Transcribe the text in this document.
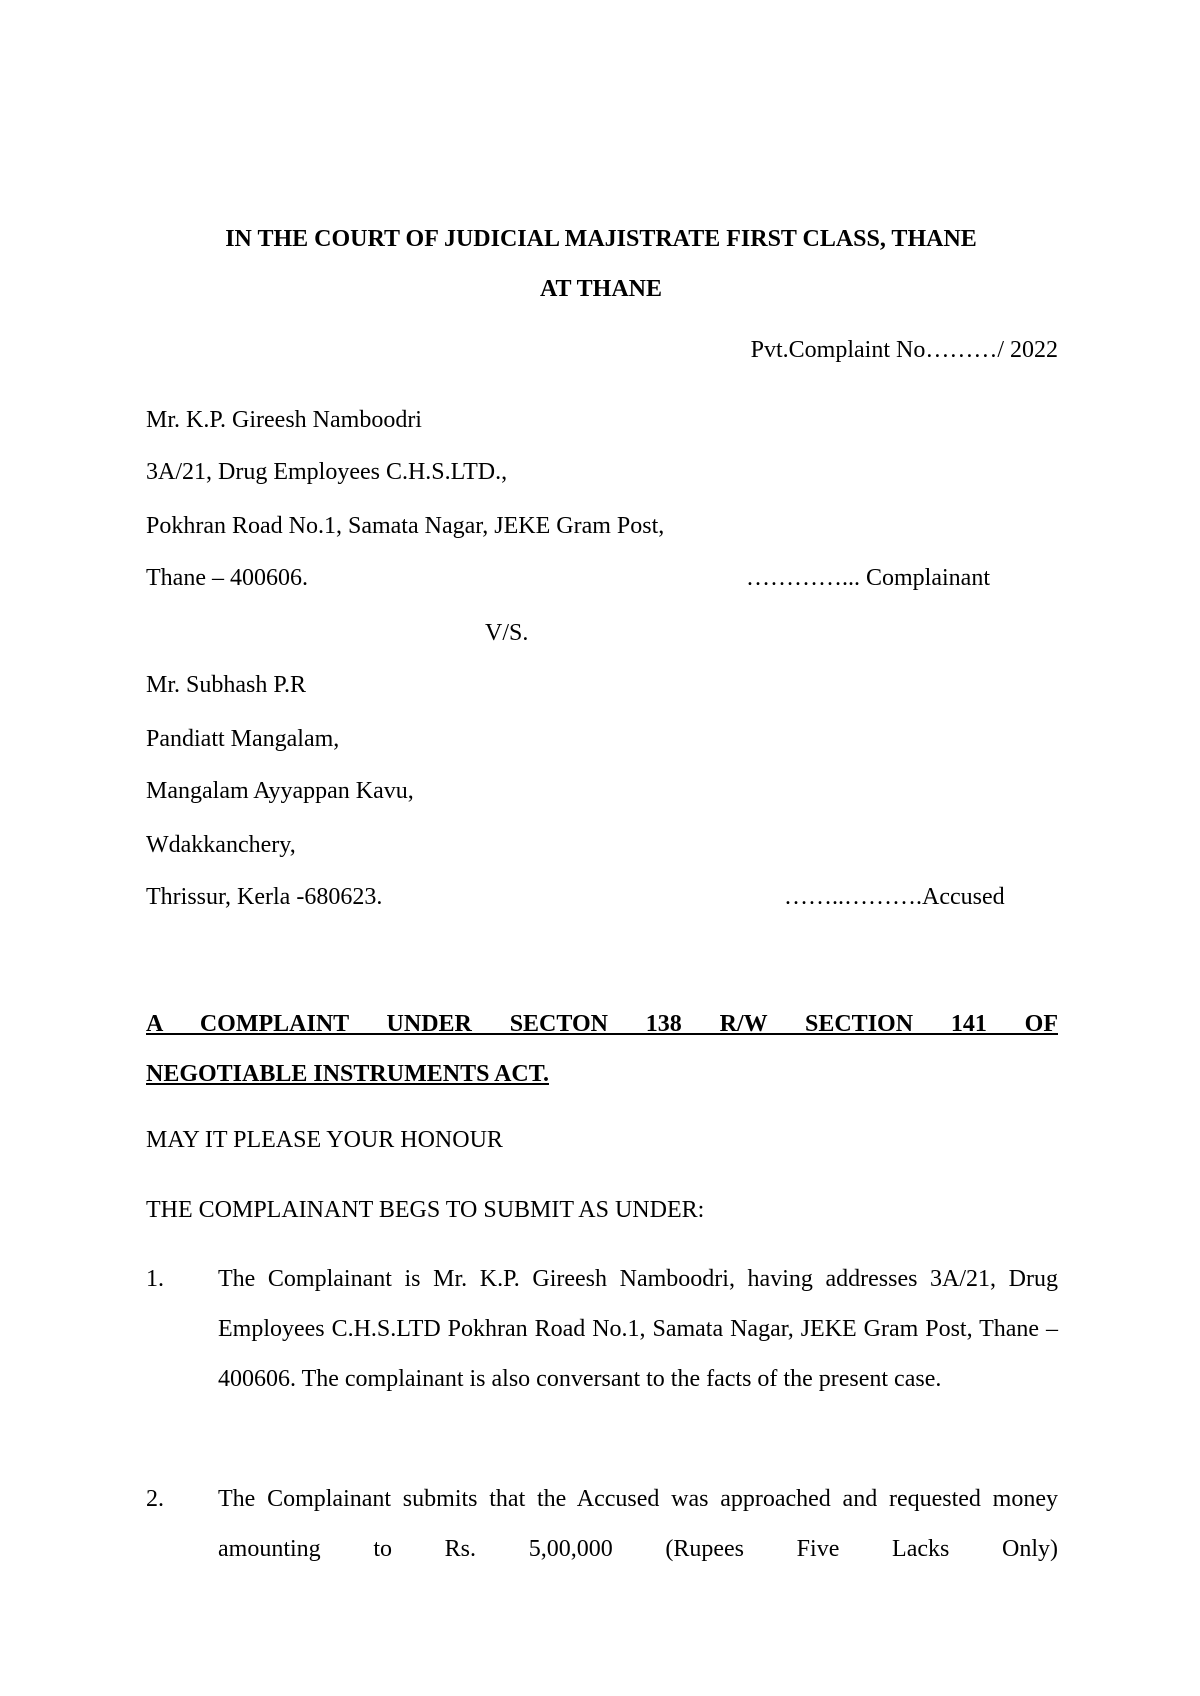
IN THE COURT OF JUDICIAL MAJISTRATE FIRST CLASS, THANE
AT THANE
Pvt.Complaint No………/ 2022
Mr. K.P. Gireesh Namboodri
3A/21, Drug Employees C.H.S.LTD.,
Pokhran Road No.1, Samata Nagar, JEKE Gram Post,
Thane – 400606.	…………... Complainant
V/S.
Mr. Subhash P.R
Pandiatt Mangalam,
Mangalam Ayyappan Kavu,
Wdakkanchery,
Thrissur, Kerla -680623.	……..……….Accused
A COMPLAINT UNDER SECTON 138 R/W SECTION 141 OF
NEGOTIABLE INSTRUMENTS ACT.
MAY IT PLEASE YOUR HONOUR
THE COMPLAINANT BEGS TO SUBMIT AS UNDER:
1. The Complainant is Mr. K.P. Gireesh Namboodri, having addresses 3A/21, Drug Employees C.H.S.LTD Pokhran Road No.1, Samata Nagar, JEKE Gram Post, Thane – 400606. The complainant is also conversant to the facts of the present case.
2. The Complainant submits that the Accused was approached and requested money amounting to Rs. 5,00,000 (Rupees Five Lacks Only)
